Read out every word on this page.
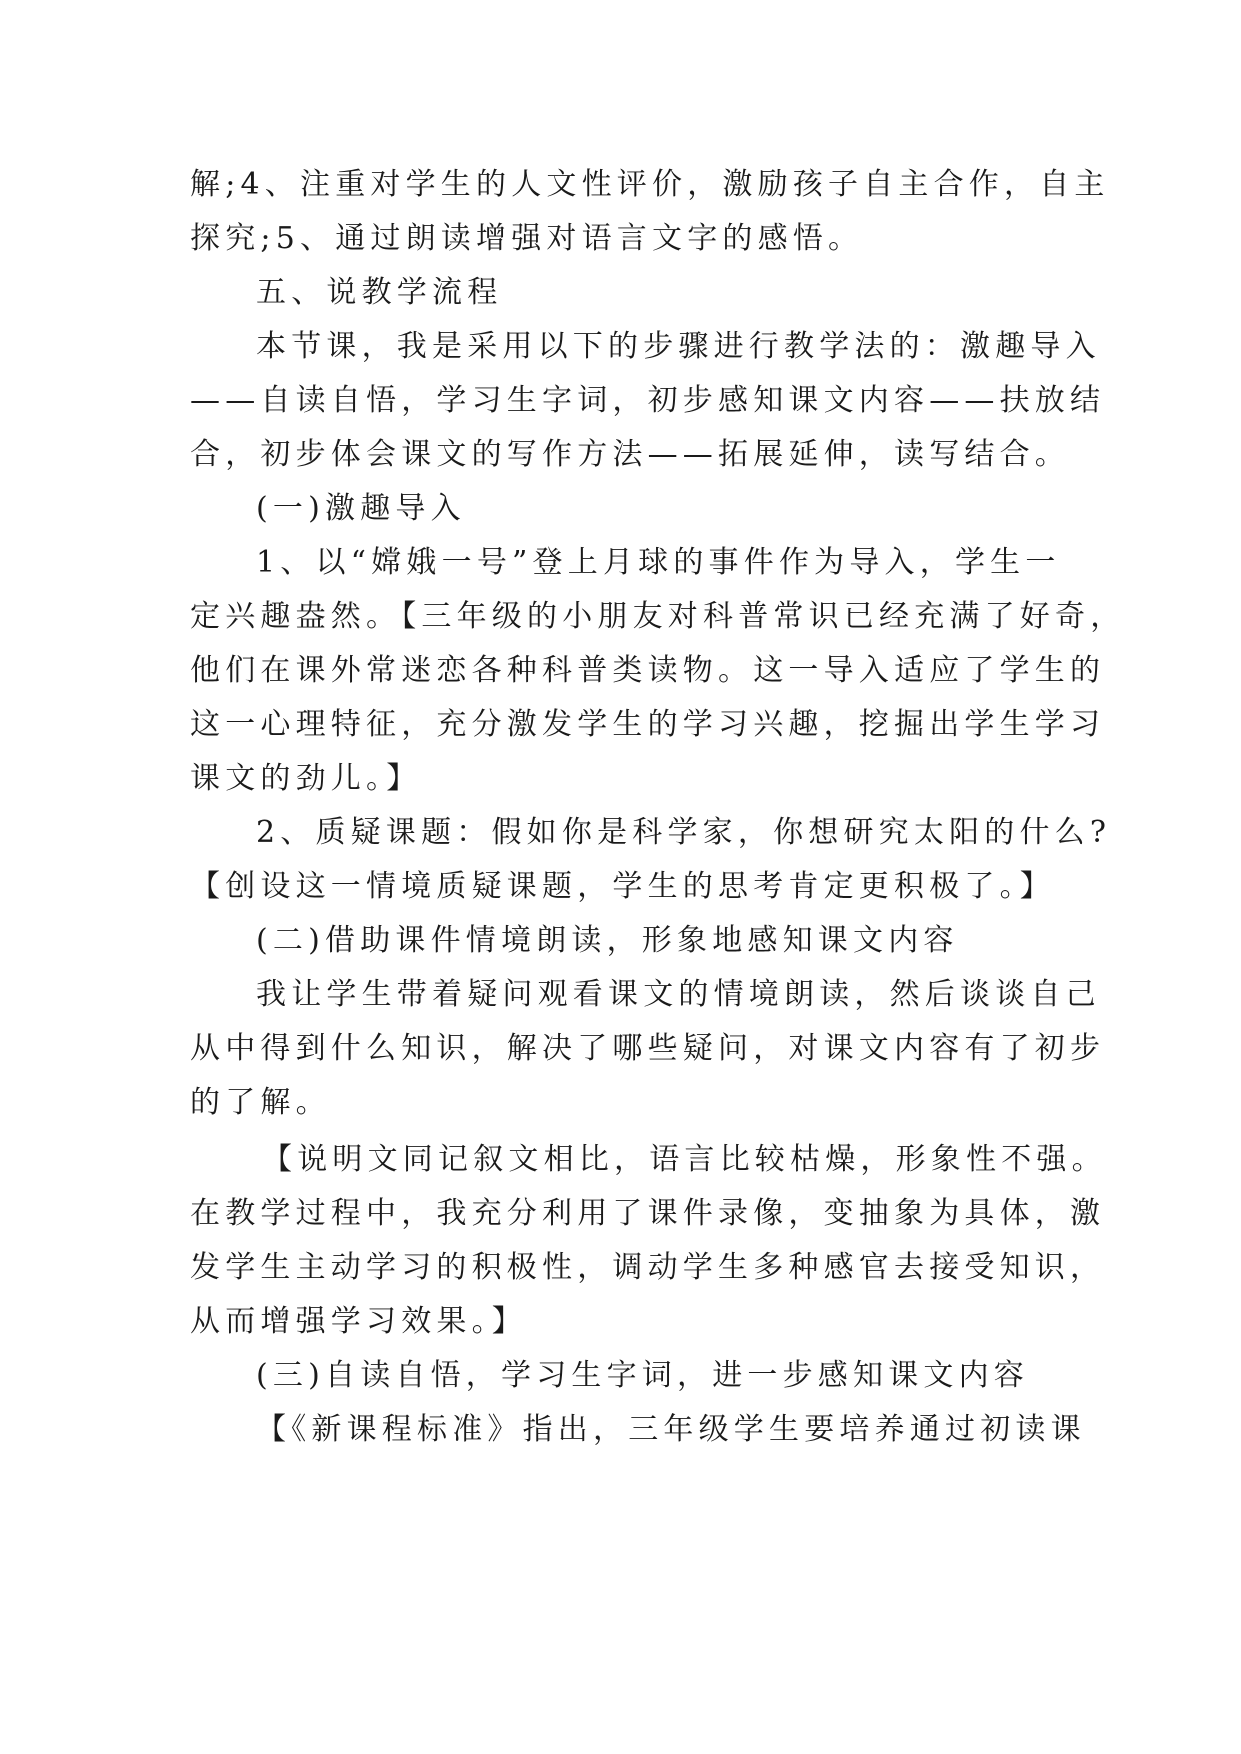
解;4、注重对学生的人文性评价，激励孩子自主合作，自主
探究;5、通过朗读增强对语言文字的感悟。
五、说教学流程
本节课，我是采用以下的步骤进行教学法的：激趣导入
——自读自悟，学习生字词，初步感知课文内容——扶放结
合，初步体会课文的写作方法——拓展延伸，读写结合。
(一)激趣导入
1、以“嫦娥一号”登上月球的事件作为导入，学生一
定兴趣盎然。【三年级的小朋友对科普常识已经充满了好奇，
他们在课外常迷恋各种科普类读物。这一导入适应了学生的
这一心理特征，充分激发学生的学习兴趣，挖掘出学生学习
课文的劲儿。】
2、质疑课题：假如你是科学家，你想研究太阳的什么?
【创设这一情境质疑课题，学生的思考肯定更积极了。】
(二)借助课件情境朗读，形象地感知课文内容
我让学生带着疑问观看课文的情境朗读，然后谈谈自己
从中得到什么知识，解决了哪些疑问，对课文内容有了初步
的了解。
【说明文同记叙文相比，语言比较枯燥，形象性不强。
在教学过程中，我充分利用了课件录像，变抽象为具体，激
发学生主动学习的积极性，调动学生多种感官去接受知识，
从而增强学习效果。】
(三)自读自悟，学习生字词，进一步感知课文内容
【《新课程标准》指出，三年级学生要培养通过初读课
